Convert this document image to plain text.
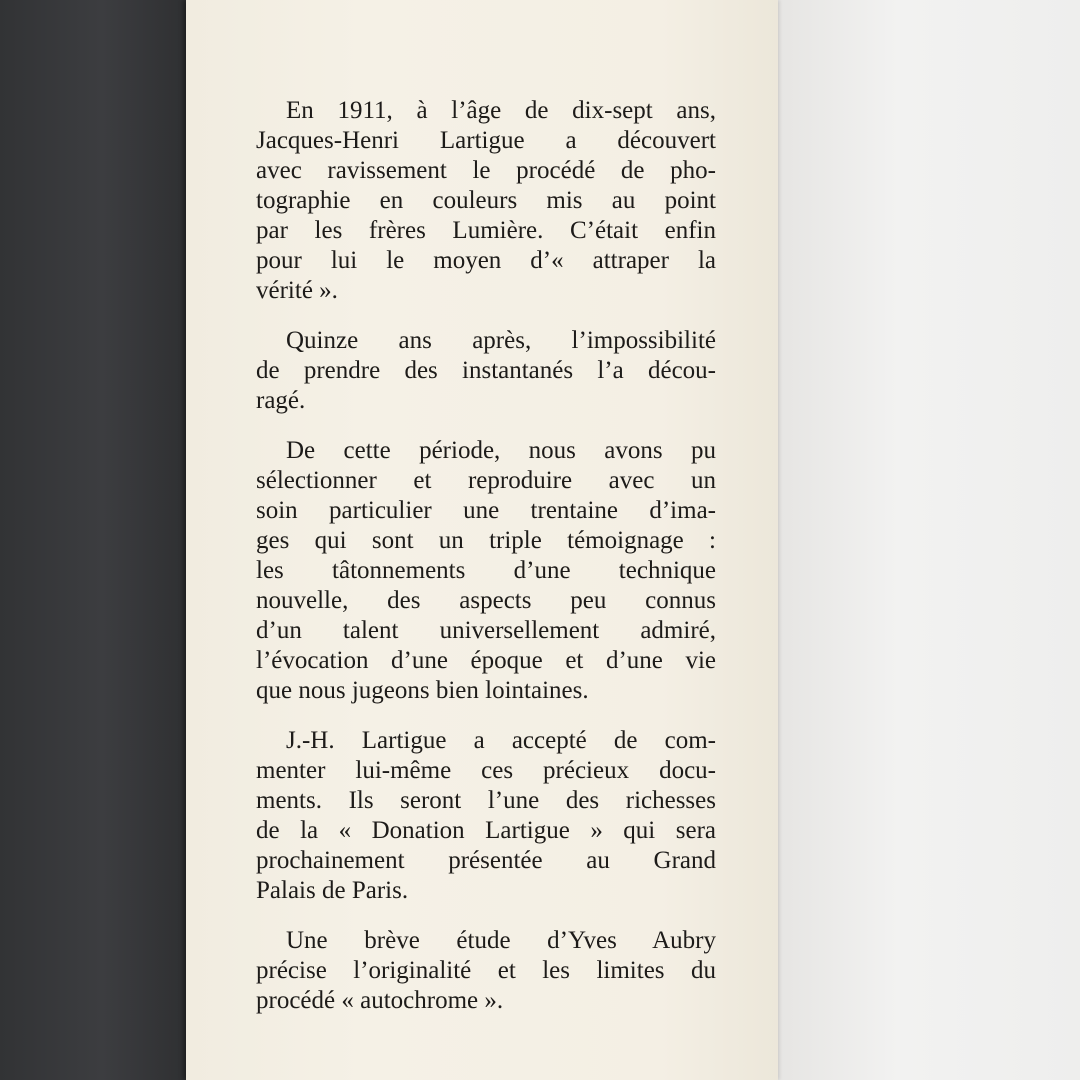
En 1911, à l’âge de dix-sept ans,
Jacques-Henri Lartigue a découvert
avec ravissement le procédé de pho-
tographie en couleurs mis au point
par les frères Lumière. C’était enfin
pour lui le moyen d’« attraper la
vérité ».
Quinze ans après, l’impossibilité
de prendre des instantanés l’a décou-
ragé.
De cette période, nous avons pu
sélectionner et reproduire avec un
soin particulier une trentaine d’ima-
ges qui sont un triple témoignage :
les tâtonnements d’une technique
nouvelle, des aspects peu connus
d’un talent universellement admiré,
l’évocation d’une époque et d’une vie
que nous jugeons bien lointaines.
J.-H. Lartigue a accepté de com-
menter lui-même ces précieux docu-
ments. Ils seront l’une des richesses
de la « Donation Lartigue » qui sera
prochainement présentée au Grand
Palais de Paris.
Une brève étude d’Yves Aubry
précise l’originalité et les limites du
procédé « autochrome ».
